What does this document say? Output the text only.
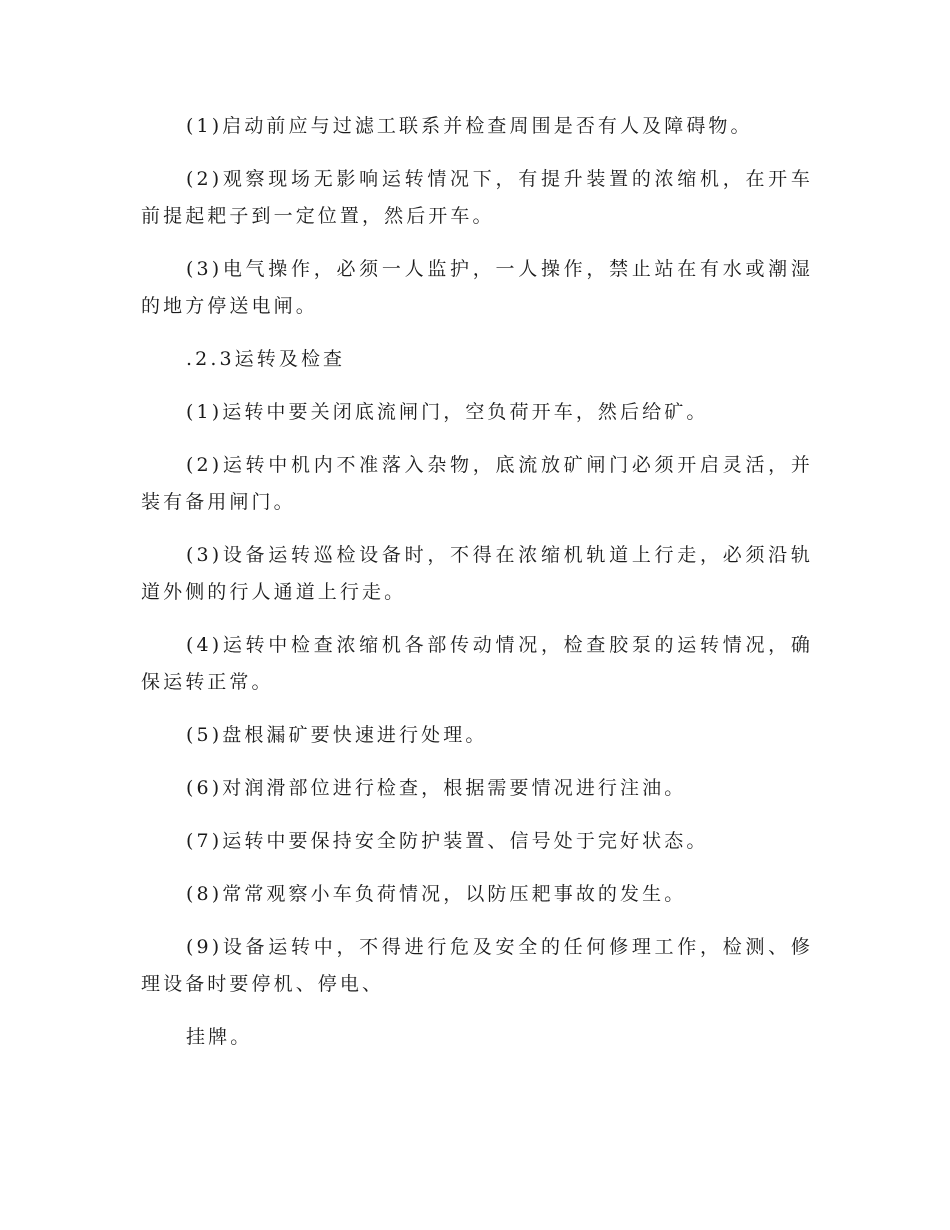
(1)启动前应与过滤工联系并检查周围是否有人及障碍物。

(2)观察现场无影响运转情况下，有提升装置的浓缩机，在开车前提起耙子到一定位置，然后开车。

(3)电气操作，必须一人监护，一人操作，禁止站在有水或潮湿的地方停送电闸。

.2.3运转及检查

(1)运转中要关闭底流闸门，空负荷开车，然后给矿。

(2)运转中机内不准落入杂物，底流放矿闸门必须开启灵活，并装有备用闸门。

(3)设备运转巡检设备时，不得在浓缩机轨道上行走，必须沿轨道外侧的行人通道上行走。

(4)运转中检查浓缩机各部传动情况，检查胶泵的运转情况，确保运转正常。

(5)盘根漏矿要快速进行处理。

(6)对润滑部位进行检查，根据需要情况进行注油。

(7)运转中要保持安全防护装置、信号处于完好状态。

(8)常常观察小车负荷情况，以防压耙事故的发生。

(9)设备运转中，不得进行危及安全的任何修理工作，检测、修理设备时要停机、停电、

挂牌。
